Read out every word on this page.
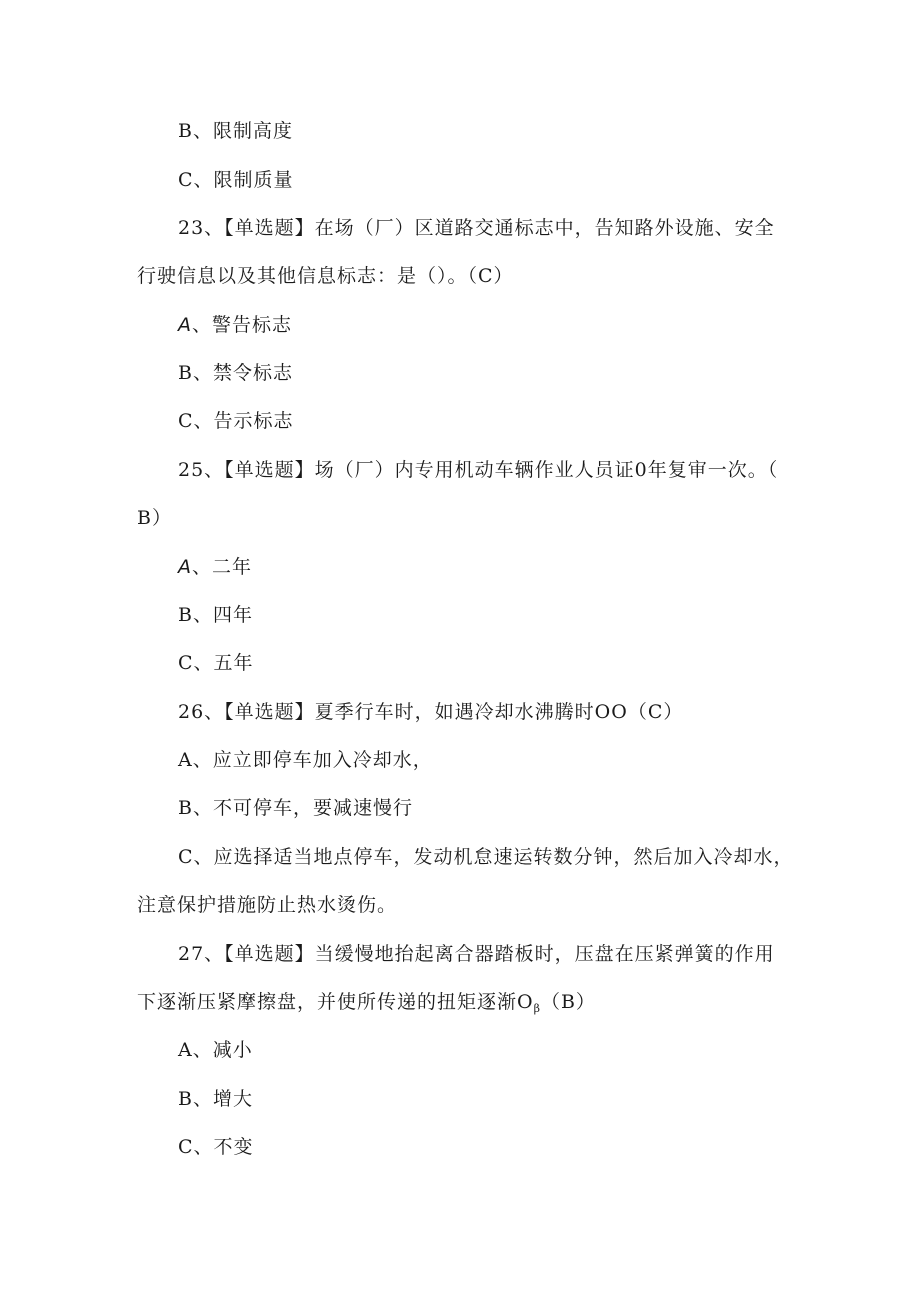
B、限制高度
C、限制质量
23、【单选题】在场（厂）区道路交通标志中，告知路外设施、安全
行驶信息以及其他信息标志：是（）。（C）
A、警告标志
B、禁令标志
C、告示标志
25、【单选题】场（厂）内专用机动车辆作业人员证0年复审一次。（
B）
A、二年
B、四年
C、五年
26、【单选题】夏季行车时，如遇冷却水沸腾时OO（C）
A、应立即停车加入冷却水，
B、不可停车，要减速慢行
C、应选择适当地点停车，发动机怠速运转数分钟，然后加入冷却水，
注意保护措施防止热水烫伤。
27、【单选题】当缓慢地抬起离合器踏板时，压盘在压紧弹簧的作用
下逐渐压紧摩擦盘，并使所传递的扭矩逐渐$O_\beta(B)$
A、减小
B、增大
C、不变
